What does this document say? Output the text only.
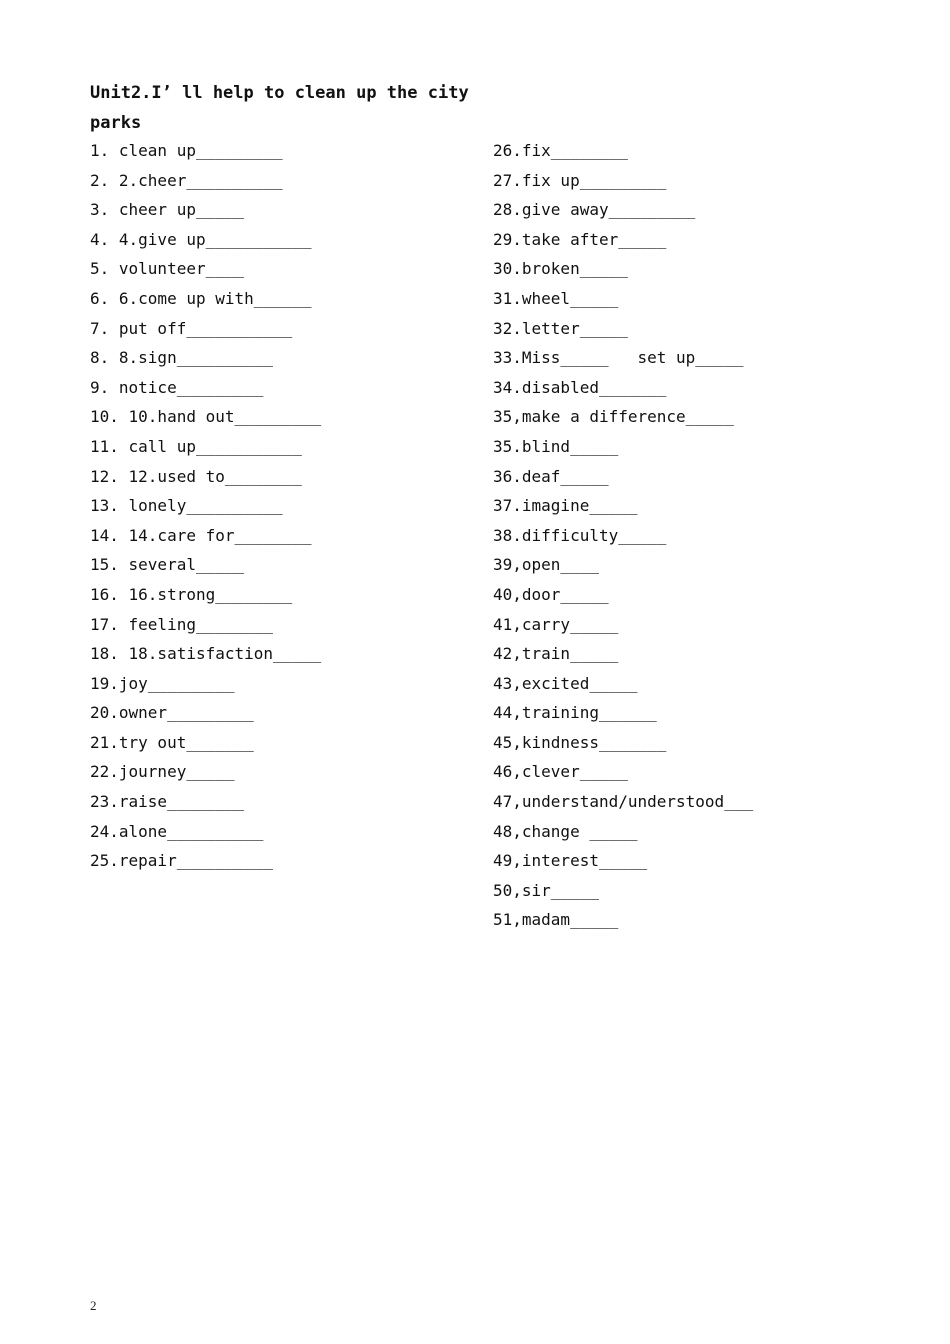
Unit2.I’ ll help to clean up the city
parks
1. clean up_________
2. 2.cheer__________
3. cheer up_____
4. 4.give up___________
5. volunteer____
6. 6.come up with______
7. put off___________
8. 8.sign__________
9. notice_________
10. 10.hand out_________
11. call up___________
12. 12.used to________
13. lonely__________
14. 14.care for________
15. several_____
16. 16.strong________
17. feeling________
18. 18.satisfaction_____
19.joy_________
20.owner_________
21.try out_______
22.journey_____
23.raise________
24.alone__________
25.repair__________
26.fix________
27.fix up_________
28.give away_________
29.take after_____
30.broken_____
31.wheel_____
32.letter_____
33.Miss_____   set up_____
34.disabled_______
35,make a difference_____
35.blind_____
36.deaf_____
37.imagine_____
38.difficulty_____
39,open____
40,door_____
41,carry_____
42,train_____
43,excited_____
44,training______
45,kindness_______
46,clever_____
47,understand/understood___
48,change _____
49,interest_____
50,sir_____
51,madam_____
2
